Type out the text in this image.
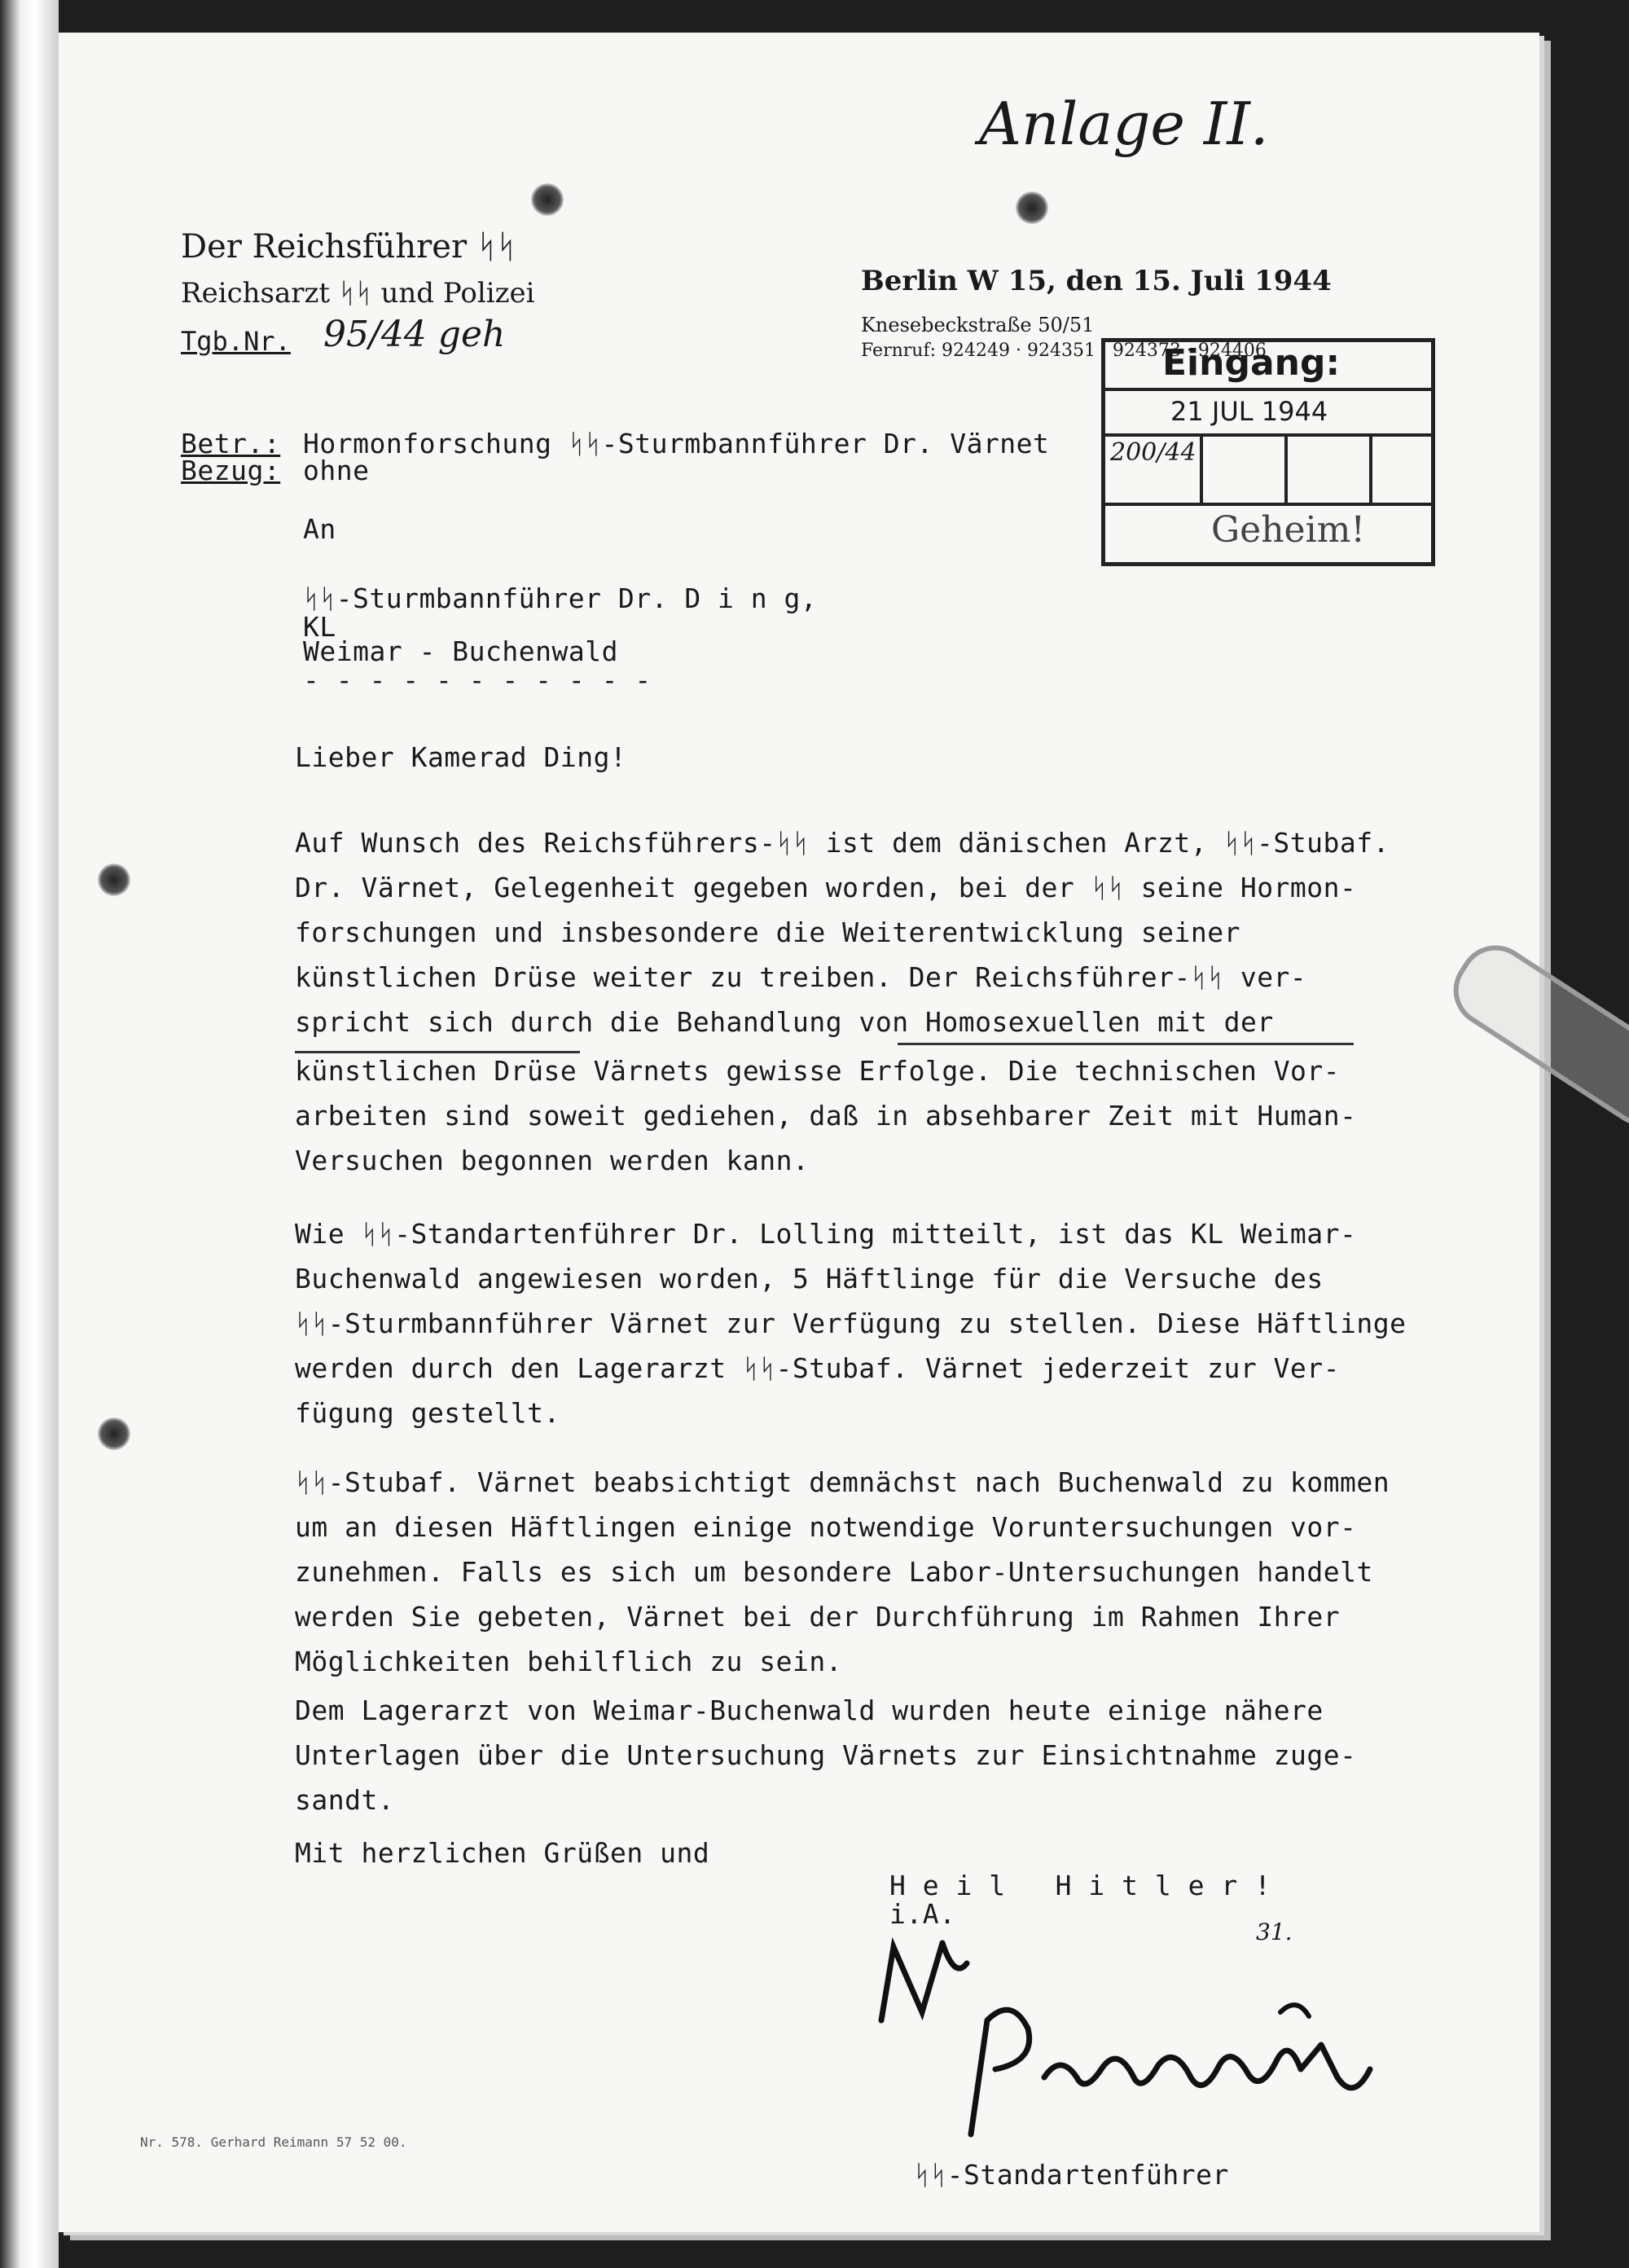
Anlage II.
Der Reichsführer ᛋᛋ
Reichsarzt ᛋᛋ und Polizei
Tgb.Nr. 95/44 geh
Berlin W 15, den 15. Juli 1944
Knesebeckstraße 50/51
Fernruf: 924249 · 924351 · 924373 · 924406
Eingang:
21 JUL 1944
200/44
Geheim!
Betr.: Hormonforschung ᛋᛋ-Sturmbannführer Dr. Värnet
Bezug: ohne
An
ᛋᛋ-Sturmbannführer Dr. D i n g,
KL
Weimar - Buchenwald
- - - - - - - - - - -
Lieber Kamerad Ding!
Auf Wunsch des Reichsführers-ᛋᛋ ist dem dänischen Arzt, ᛋᛋ-Stubaf.
Dr. Värnet, Gelegenheit gegeben worden, bei der ᛋᛋ seine Hormon-
forschungen und insbesondere die Weiterentwicklung seiner
künstlichen Drüse weiter zu treiben. Der Reichsführer-ᛋᛋ ver-
spricht sich durch die Behandlung von Homosexuellen mit der
künstlichen Drüse Värnets gewisse Erfolge. Die technischen Vor-
arbeiten sind soweit gediehen, daß in absehbarer Zeit mit Human-
Versuchen begonnen werden kann.
Wie ᛋᛋ-Standartenführer Dr. Lolling mitteilt, ist das KL Weimar-
Buchenwald angewiesen worden, 5 Häftlinge für die Versuche des
ᛋᛋ-Sturmbannführer Värnet zur Verfügung zu stellen. Diese Häftlinge
werden durch den Lagerarzt ᛋᛋ-Stubaf. Värnet jederzeit zur Ver-
fügung gestellt.
ᛋᛋ-Stubaf. Värnet beabsichtigt demnächst nach Buchenwald zu kommen
um an diesen Häftlingen einige notwendige Voruntersuchungen vor-
zunehmen. Falls es sich um besondere Labor-Untersuchungen handelt
werden Sie gebeten, Värnet bei der Durchführung im Rahmen Ihrer
Möglichkeiten behilflich zu sein.
Dem Lagerarzt von Weimar-Buchenwald wurden heute einige nähere
Unterlagen über die Untersuchung Värnets zur Einsichtnahme zuge-
sandt.
Mit herzlichen Grüßen und
H e i l   H i t l e r !
i.A.
31.
ᛋᛋ-Standartenführer
Nr. 578. Gerhard Reimann 57 52 00.
